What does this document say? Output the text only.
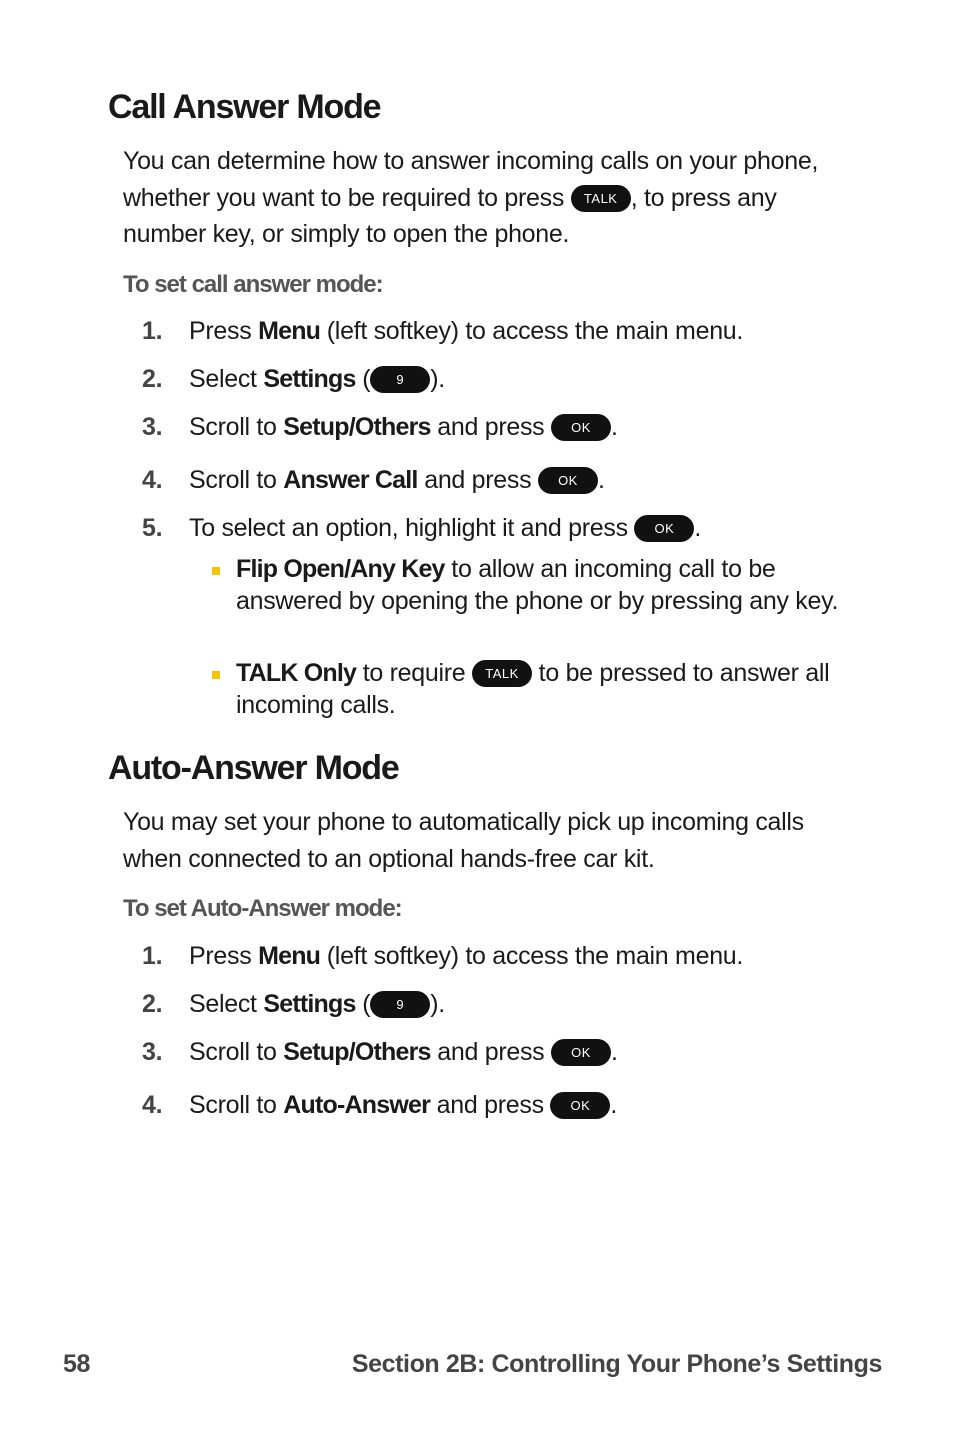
Call Answer Mode
You can determine how to answer incoming calls on your phone, whether you want to be required to press TALK , to press any number key, or simply to open the phone.
To set call answer mode:
1. Press Menu (left softkey) to access the main menu.
2. Select Settings ( 9 ).
3. Scroll to Setup/Others and press OK .
4. Scroll to Answer Call and press OK .
5. To select an option, highlight it and press OK .
Flip Open/Any Key to allow an incoming call to be answered by opening the phone or by pressing any key.
TALK Only to require TALK to be pressed to answer all incoming calls.
Auto-Answer Mode
You may set your phone to automatically pick up incoming calls when connected to an optional hands-free car kit.
To set Auto-Answer mode:
1. Press Menu (left softkey) to access the main menu.
2. Select Settings ( 9 ).
3. Scroll to Setup/Others and press OK .
4. Scroll to Auto-Answer and press OK .
58	Section 2B: Controlling Your Phone’s Settings
